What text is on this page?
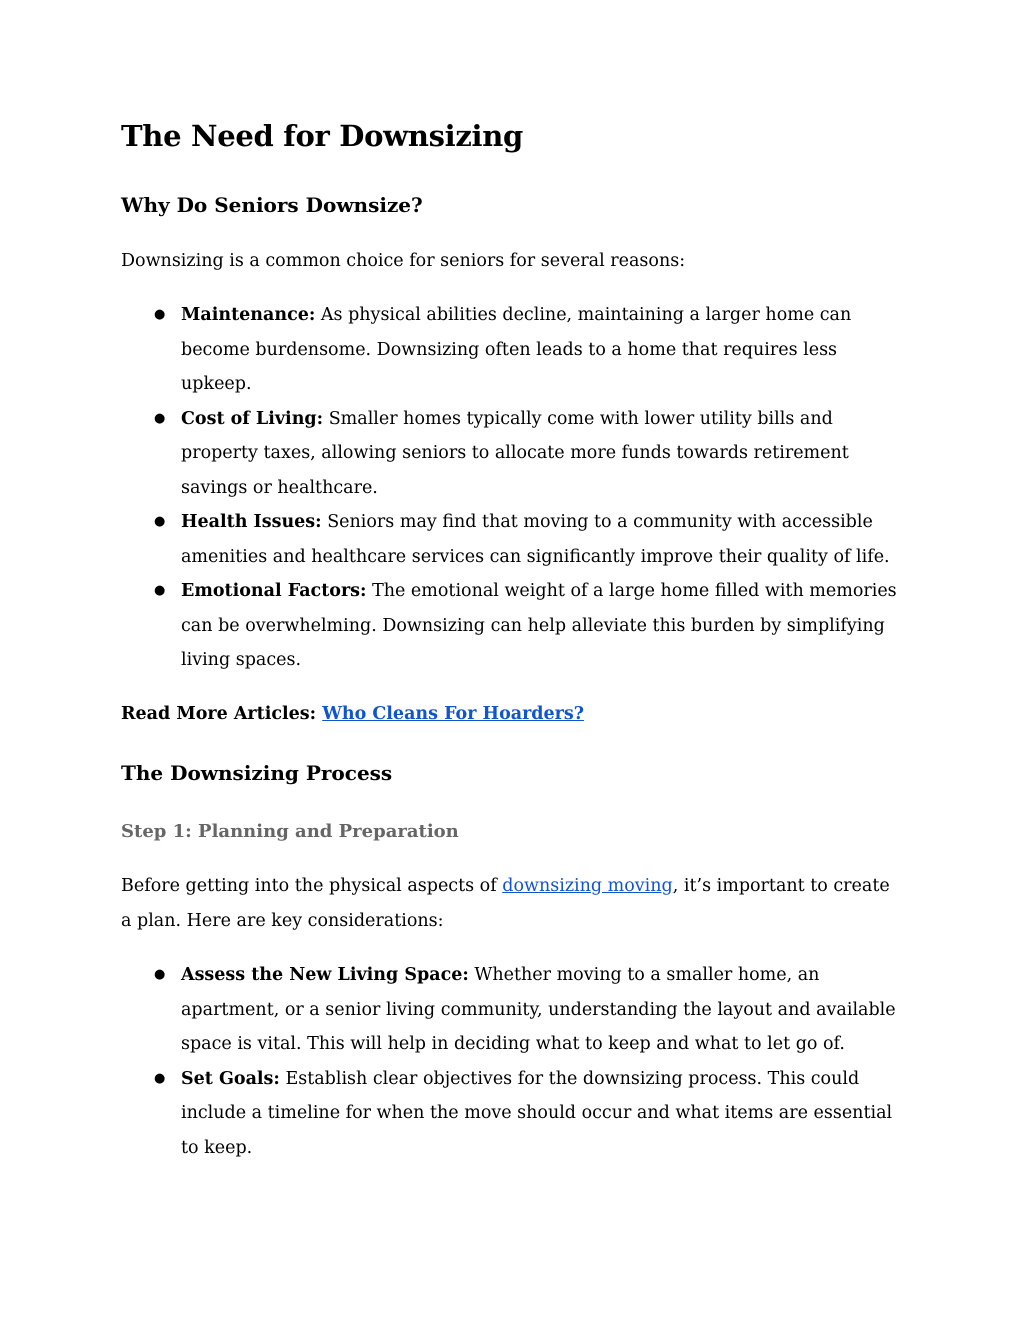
The Need for Downsizing
Why Do Seniors Downsize?

Downsizing is a common choice for seniors for several reasons:

● Maintenance: As physical abilities decline, maintaining a larger home can become burdensome. Downsizing often leads to a home that requires less upkeep.
● Cost of Living: Smaller homes typically come with lower utility bills and property taxes, allowing seniors to allocate more funds towards retirement savings or healthcare.
● Health Issues: Seniors may find that moving to a community with accessible amenities and healthcare services can significantly improve their quality of life.
● Emotional Factors: The emotional weight of a large home filled with memories can be overwhelming. Downsizing can help alleviate this burden by simplifying living spaces.

Read More Articles: Who Cleans For Hoarders?

The Downsizing Process
Step 1: Planning and Preparation

Before getting into the physical aspects of downsizing moving, it’s important to create a plan. Here are key considerations:

● Assess the New Living Space: Whether moving to a smaller home, an apartment, or a senior living community, understanding the layout and available space is vital. This will help in deciding what to keep and what to let go of.
● Set Goals: Establish clear objectives for the downsizing process. This could include a timeline for when the move should occur and what items are essential to keep.
